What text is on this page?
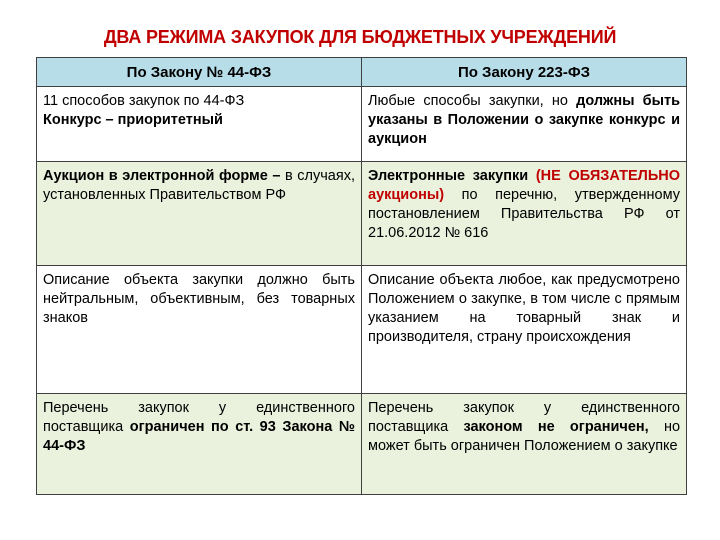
ДВА РЕЖИМА ЗАКУПОК ДЛЯ БЮДЖЕТНЫХ УЧРЕЖДЕНИЙ
По Закону № 44-ФЗ	По Закону 223-ФЗ

11 способов закупок по 44-ФЗ
Конкурс – приоритетный	Любые способы закупки, но должны быть указаны в Положении о закупке конкурс и аукцион
Аукцион в электронной форме – в случаях, установленных Правительством РФ	Электронные закупки (НЕ ОБЯЗАТЕЛЬНО аукционы) по перечню, утвержденному постановлением Правительства РФ от 21.06.2012 № 616
Описание объекта закупки должно быть нейтральным, объективным, без товарных знаков	Описание объекта любое, как предусмотрено Положением о закупке, в том числе с прямым указанием на товарный знак и производителя, страну происхождения
Перечень закупок у единственного поставщика ограничен по ст. 93 Закона № 44-ФЗ	Перечень закупок у единственного поставщика законом не ограничен, но может быть ограничен Положением о закупке
